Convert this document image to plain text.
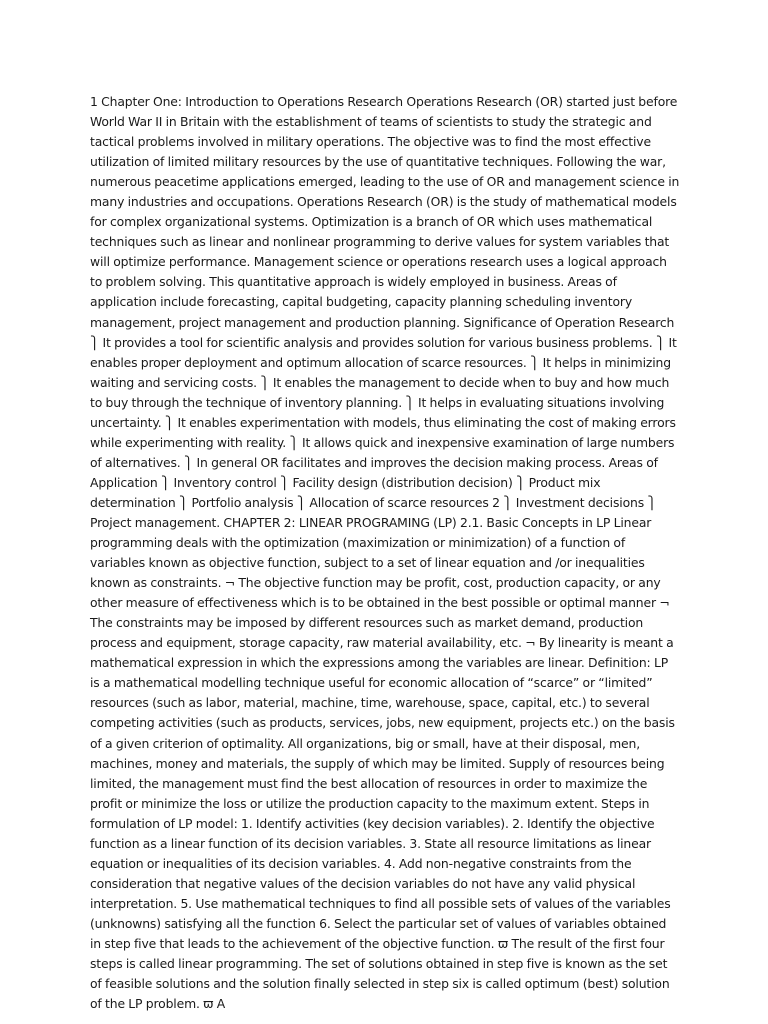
1 Chapter One: Introduction to Operations Research Operations Research (OR) started just before World War II in Britain with the establishment of teams of scientists to study the strategic and tactical problems involved in military operations. The objective was to find the most effective utilization of limited military resources by the use of quantitative techniques. Following the war, numerous peacetime applications emerged, leading to the use of OR and management science in many industries and occupations. Operations Research (OR) is the study of mathematical models for complex organizational systems. Optimization is a branch of OR which uses mathematical techniques such as linear and nonlinear programming to derive values for system variables that will optimize performance. Management science or operations research uses a logical approach to problem solving. This quantitative approach is widely employed in business. Areas of application include forecasting, capital budgeting, capacity planning scheduling inventory management, project management and production planning. Significance of Operation Research ⎫ It provides a tool for scientific analysis and provides solution for various business problems. ⎫ It enables proper deployment and optimum allocation of scarce resources. ⎫ It helps in minimizing waiting and servicing costs. ⎫ It enables the management to decide when to buy and how much to buy through the technique of inventory planning. ⎫ It helps in evaluating situations involving uncertainty. ⎫ It enables experimentation with models, thus eliminating the cost of making errors while experimenting with reality. ⎫ It allows quick and inexpensive examination of large numbers of alternatives. ⎫ In general OR facilitates and improves the decision making process. Areas of Application ⎫ Inventory control ⎫ Facility design (distribution decision) ⎫ Product mix determination ⎫ Portfolio analysis ⎫ Allocation of scarce resources 2 ⎫ Investment decisions ⎫ Project management. CHAPTER 2: LINEAR PROGRAMING (LP) 2.1. Basic Concepts in LP Linear programming deals with the optimization (maximization or minimization) of a function of variables known as objective function, subject to a set of linear equation and /or inequalities known as constraints. ¬ The objective function may be profit, cost, production capacity, or any other measure of effectiveness which is to be obtained in the best possible or optimal manner ¬ The constraints may be imposed by different resources such as market demand, production process and equipment, storage capacity, raw material availability, etc. ¬ By linearity is meant a mathematical expression in which the expressions among the variables are linear. Definition: LP is a mathematical modelling technique useful for economic allocation of “scarce” or “limited” resources (such as labor, material, machine, time, warehouse, space, capital, etc.) to several competing activities (such as products, services, jobs, new equipment, projects etc.) on the basis of a given criterion of optimality. All organizations, big or small, have at their disposal, men, machines, money and materials, the supply of which may be limited. Supply of resources being limited, the management must find the best allocation of resources in order to maximize the profit or minimize the loss or utilize the production capacity to the maximum extent. Steps in formulation of LP model: 1. Identify activities (key decision variables). 2. Identify the objective function as a linear function of its decision variables. 3. State all resource limitations as linear equation or inequalities of its decision variables. 4. Add non-negative constraints from the consideration that negative values of the decision variables do not have any valid physical interpretation. 5. Use mathematical techniques to find all possible sets of values of the variables (unknowns) satisfying all the function 6. Select the particular set of values of variables obtained in step five that leads to the achievement of the objective function. ϖ The result of the first four steps is called linear programming. The set of solutions obtained in step five is known as the set of feasible solutions and the solution finally selected in step six is called optimum (best) solution of the LP problem. ϖ A
